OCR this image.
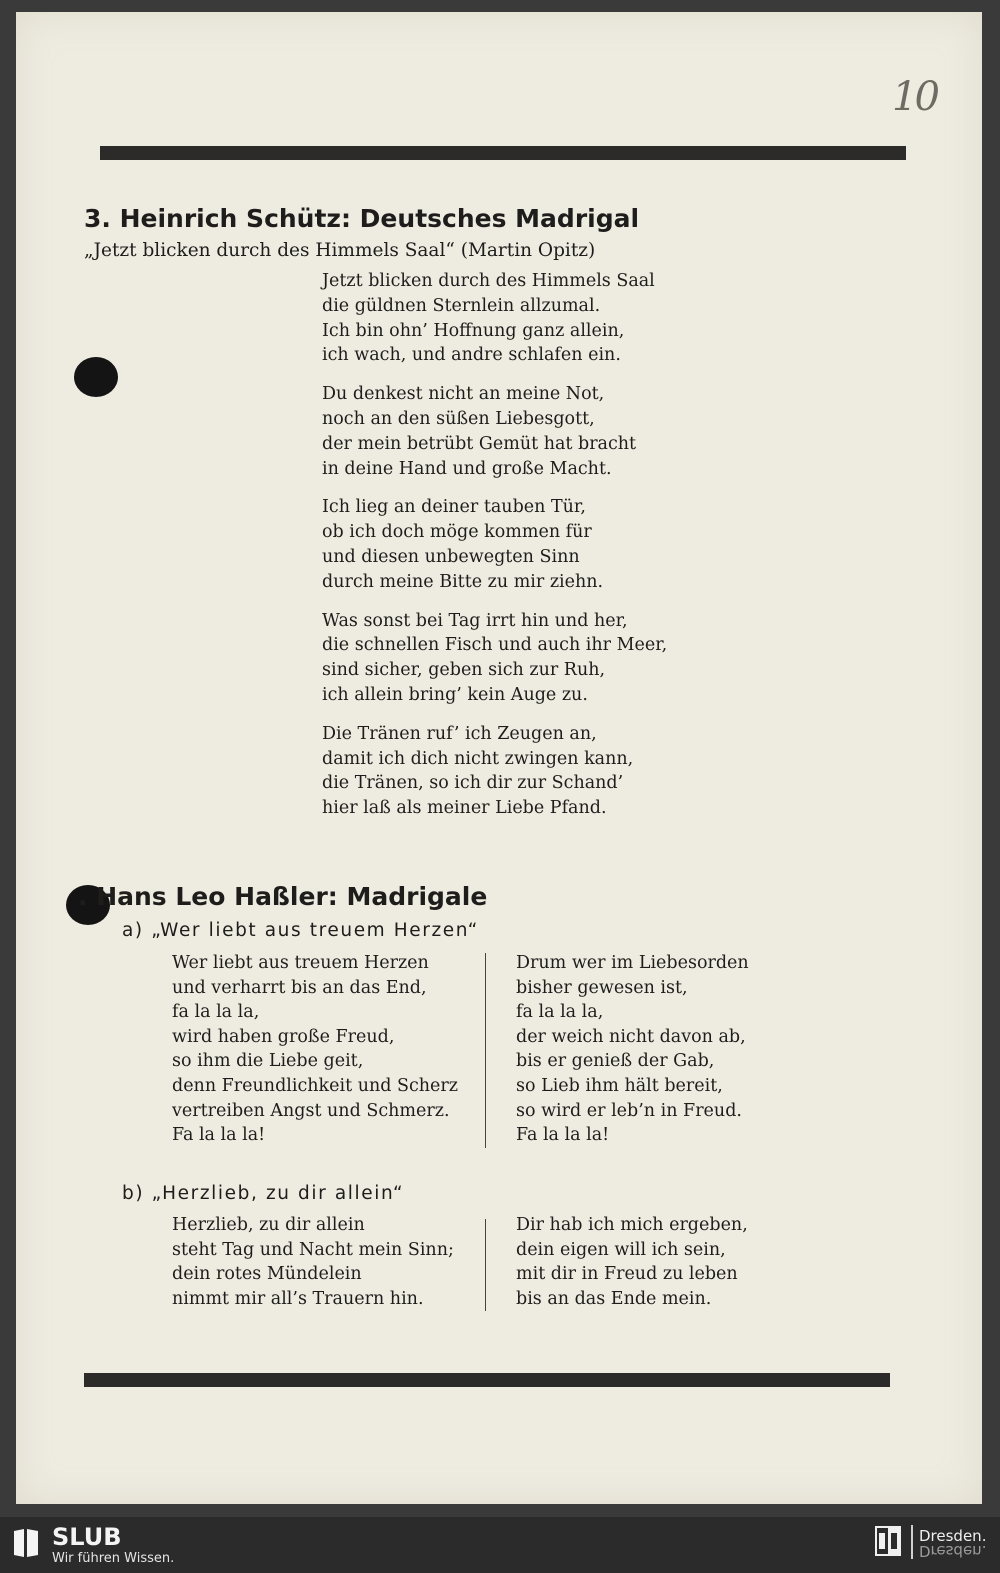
10
3. Heinrich Schütz: Deutsches Madrigal
„Jetzt blicken durch des Himmels Saal“ (Martin Opitz)
Jetzt blicken durch des Himmels Saal
die güldnen Sternlein allzumal.
Ich bin ohn’ Hoffnung ganz allein,
ich wach, und andre schlafen ein.
Du denkest nicht an meine Not,
noch an den süßen Liebesgott,
der mein betrübt Gemüt hat bracht
in deine Hand und große Macht.
Ich lieg an deiner tauben Tür,
ob ich doch möge kommen für
und diesen unbewegten Sinn
durch meine Bitte zu mir ziehn.
Was sonst bei Tag irrt hin und her,
die schnellen Fisch und auch ihr Meer,
sind sicher, geben sich zur Ruh,
ich allein bring’ kein Auge zu.
Die Tränen ruf’ ich Zeugen an,
damit ich dich nicht zwingen kann,
die Tränen, so ich dir zur Schand’
hier laß als meiner Liebe Pfand.
. Hans Leo Haßler: Madrigale
a) „Wer liebt aus treuem Herzen“
Wer liebt aus treuem Herzen
und verharrt bis an das End,
fa la la la,
wird haben große Freud,
so ihm die Liebe geit,
denn Freundlichkeit und Scherz
vertreiben Angst und Schmerz.
Fa la la la!
Drum wer im Liebesorden
bisher gewesen ist,
fa la la la,
der weich nicht davon ab,
bis er genieß der Gab,
so Lieb ihm hält bereit,
so wird er leb’n in Freud.
Fa la la la!
b) „Herzlieb, zu dir allein“
Herzlieb, zu dir allein
steht Tag und Nacht mein Sinn;
dein rotes Mündelein
nimmt mir all’s Trauern hin.
Dir hab ich mich ergeben,
dein eigen will ich sein,
mit dir in Freud zu leben
bis an das Ende mein.
SLUB
Wir führen Wissen.
Dresden.
Dresden.
